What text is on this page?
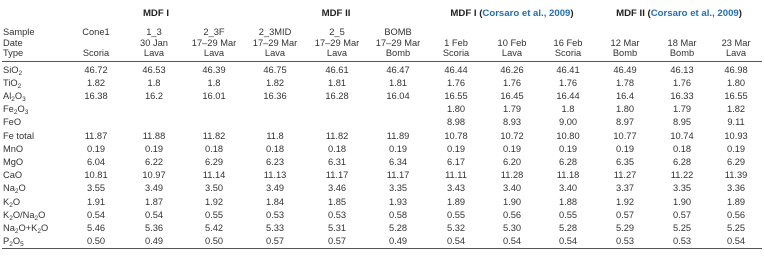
	MDF I			MDF II			MDF I (Corsaro et al., 2009)			MDF II (Corsaro et al., 2009)		
Sample	Cone1	1_3	2_3F	2_3MID	2_5	BOMB						
Date		30 Jan	17–29 Mar	17–29 Mar	17–29 Mar	17–29 Mar	1 Feb	10 Feb	16 Feb	12 Mar	18 Mar	23 Mar
Type	Scoria	Lava	Lava	Lava	Lava	Bomb	Scoria	Lava	Scoria	Bomb	Bomb	Lava
SiO$_2$	46.72	46.53	46.39	46.75	46.61	46.47	46.44	46.26	46.41	46.49	46.13	46.98
TiO$_2$	1.82	1.8	1.8	1.82	1.81	1.81	1.76	1.76	1.76	1.78	1.76	1.80
$Al_2O_3$	16.38	16.2	16.01	16.36	16.28	16.04	16.55	16.45	16.44	16.4	16.33	16.55
$Fe_2O_3$							1.80	1.79	1.8	1.80	1.79	1.82
FeO							8.98	8.93	9.00	8.97	8.95	9.11
Fe total	11.87	11.88	11.82	11.8	11.82	11.89	10.78	10.72	10.80	10.77	10.74	10.93
MnO	0.19	0.19	0.18	0.18	0.18	0.19	0.19	0.19	0.19	0.19	0.18	0.19
MgO	6.04	6.22	6.29	6.23	6.31	6.34	6.17	6.20	6.28	6.35	6.28	6.29
CaO	10.81	10.97	11.14	11.13	11.17	11.17	11.11	11.28	11.18	11.27	11.22	11.39
$Na_2O$	3.55	3.49	3.50	3.49	3.46	3.35	3.43	3.40	3.40	3.37	3.35	3.36
$K_2O$	1.91	1.87	1.92	1.84	1.85	1.93	1.89	1.90	1.88	1.92	1.90	1.89
$K_2O/Na_2O$	0.54	0.54	0.55	0.53	0.53	0.58	0.55	0.56	0.55	0.57	0.57	0.56
$Na_2O+K_2O$	5.46	5.36	5.42	5.33	5.31	5.28	5.32	5.30	5.28	5.29	5.25	5.25
$P_2O_5$	0.50	0.49	0.50	0.57	0.57	0.49	0.54	0.54	0.54	0.53	0.53	0.54
